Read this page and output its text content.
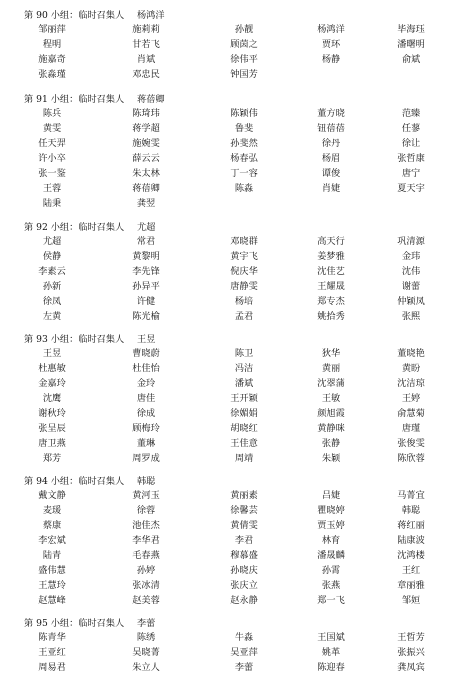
第 90 小组：临时召集人 杨鸿洋
邹丽萍	施莉莉	孙靓	杨鸿洋	毕海珏
程明	甘若飞	顾茵之	贾环	潘曙明
施嘉奇	肖斌	徐伟平	杨静	俞斌
张淼瑾	邓忠民	钟国芳
第 91 小组：临时召集人 蒋蓓卿
陈兵	陈琦玮	陈颖伟	董方晓	范臻
黄雯	蒋学超	鲁斐	钮蓓蓓	任蓼
任天羿	施婉雯	孙斐然	徐丹	徐让
许小卒	薛云云	杨春弘	杨眉	张哲康
张一鉴	朱太林	丁一容	谭俊	唐宁
王蓉	蒋蓓卿	陈淼	肖婕	夏天宇
陆秉	龚翌
第 92 小组：临时召集人 尤超
尤超	常君	邓晓群	高天行	巩清源
侯静	黄黎明	黄宇飞	姜梦雅	金玮
李素云	李先锋	倪庆华	沈佳艺	沈伟
孙新	孙异平	唐静雯	王耀晟	谢蕾
徐凤	许健	杨培	郑专杰	仲颖凤
左黄	陈光榆	孟君	姚拾秀	张熙
第 93 小组：临时召集人 王昱
王昱	曹晓蔚	陈卫	狄华	董晓艳
杜惠敏	杜佳怡	冯洁	黄丽	黄盼
金嘉玲	金玲	潘斌	沈翠蒲	沈洁琼
沈鹰	唐佳	王开颖	王敏	王婷
谢秋玲	徐成	徐媚娟	颜旭霞	俞慧菊
张呈辰	顾梅玲	胡晓红	黄静咪	唐瑾
唐卫燕	董琳	王佳意	张静	张俊雯
郑芳	周罗成	周靖	朱颖	陈欣蓉
第 94 小组：临时召集人 韩聪
戴文静	黄河玉	黄丽素	吕婕	马菁宜
麦瑗	徐蓉	徐馨芸	瞿晓婷	韩聪
蔡康	池佳杰	黄倩雯	贾玉婷	蒋红丽
李宏斌	李华君	李君	林育	陆康波
陆青	毛春燕	穆慕盛	潘晟麟	沈鸿楼
盛伟慧	孙婷	孙晓庆	孙霄	王红
王慧玲	张冰清	张庆立	张燕	章丽雅
赵慧峰	赵美蓉	赵永静	郑一飞	邹姮
第 95 小组：临时召集人 李蕾
陈青华	陈绣	牛淼	王国斌	王晢芳
王亚红	吴晓菁	吴亚萍	姚革	张振兴
周易君	朱立人	李蕾	陈迎春	龚凤宾
